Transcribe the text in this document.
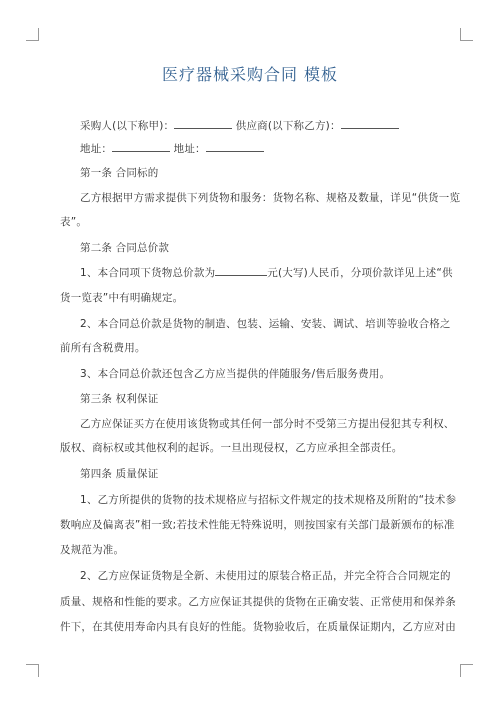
医疗器械采购合同 模板
采购人(以下称甲)：	供应商(以下称乙方)：
地址：	地址：
第一条 合同标的
乙方根据甲方需求提供下列货物和服务：货物名称、规格及数量，详见“供货一览
表”。
第二条 合同总价款
1、本合同项下货物总价款为	元(大写)人民币，分项价款详见上述“供
货一览表”中有明确规定。
2、本合同总价款是货物的制造、包装、运输、安装、调试、培训等验收合格之
前所有含税费用。
3、本合同总价款还包含乙方应当提供的伴随服务/售后服务费用。
第三条 权利保证
乙方应保证买方在使用该货物或其任何一部分时不受第三方提出侵犯其专利权、
版权、商标权或其他权利的起诉。一旦出现侵权，乙方应承担全部责任。
第四条 质量保证
1、乙方所提供的货物的技术规格应与招标文件规定的技术规格及所附的“技术参
数响应及偏离表”相一致;若技术性能无特殊说明，则按国家有关部门最新颁布的标准
及规范为准。
2、乙方应保证货物是全新、未使用过的原装合格正品，并完全符合合同规定的
质量、规格和性能的要求。乙方应保证其提供的货物在正确安装、正常使用和保养条
件下，在其使用寿命内具有良好的性能。货物验收后，在质量保证期内，乙方应对由
